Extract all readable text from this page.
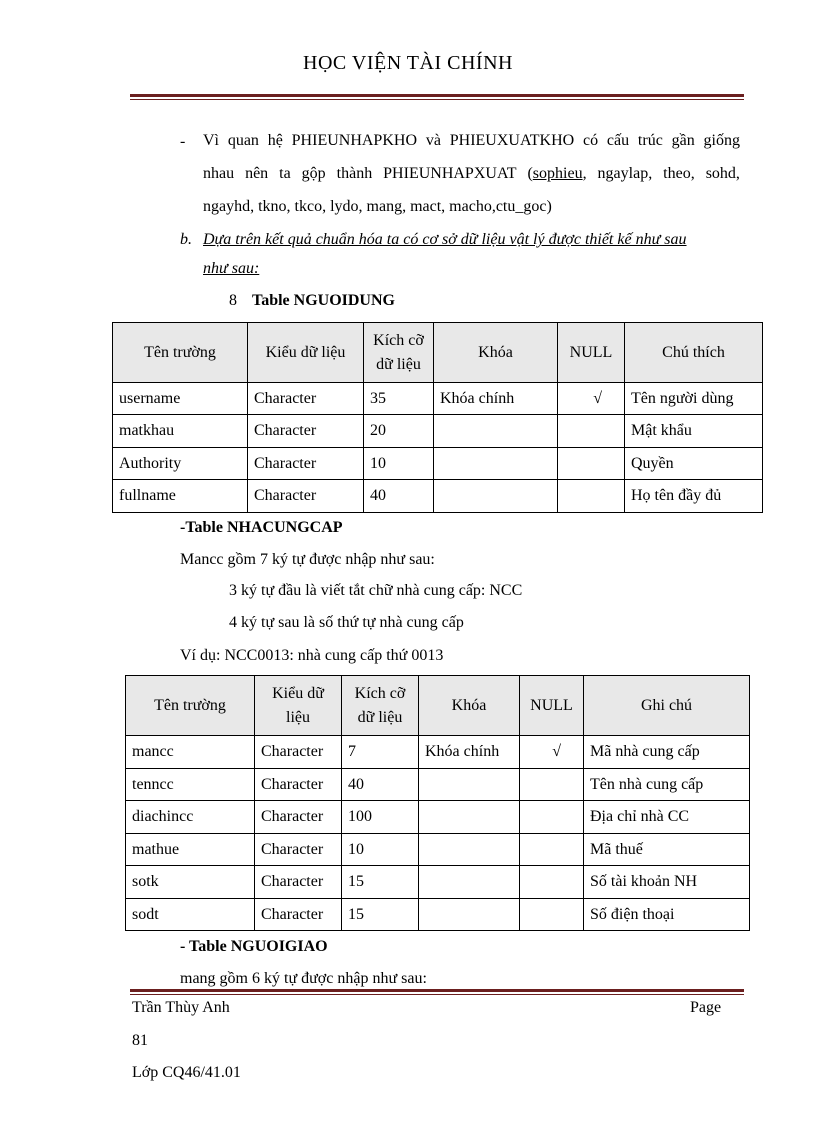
HỌC VIỆN TÀI CHÍNH
- Vì quan hệ PHIEUNHAPKHO và PHIEUXUATKHO có cấu trúc gần giống
nhau nên ta gộp thành PHIEUNHAPXUAT (sophieu, ngaylap, theo, sohd,
ngayhd, tkno, tkco, lydo, mang, mact, macho,ctu_goc)
b. Dựa trên kết quả chuẩn hóa ta có cơ sở dữ liệu vật lý được thiết kế như sau
như sau:
8 Table NGUOIDUNG
Tên trường	Kiểu dữ liệu	Kích cỡ dữ liệu	Khóa	NULL	Chú thích
username	Character	35	Khóa chính	√	Tên người dùng
matkhau	Character	20			Mật khẩu
Authority	Character	10			Quyền
fullname	Character	40			Họ tên đầy đủ
-Table NHACUNGCAP
Mancc gồm 7 ký tự được nhập như sau:
3 ký tự đầu là viết tắt chữ nhà cung cấp: NCC
4 ký tự sau là số thứ tự nhà cung cấp
Ví dụ: NCC0013: nhà cung cấp thứ 0013
Tên trường	Kiểu dữ liệu	Kích cỡ dữ liệu	Khóa	NULL	Ghi chú
mancc	Character	7	Khóa chính	√	Mã nhà cung cấp
tenncc	Character	40			Tên nhà cung cấp
diachincc	Character	100			Địa chỉ nhà CC
mathue	Character	10			Mã thuế
sotk	Character	15			Số tài khoản NH
sodt	Character	15			Số điện thoại
- Table NGUOIGIAO
mang gồm 6 ký tự được nhập như sau:
Trần Thùy Anh	Page
81
Lớp CQ46/41.01
